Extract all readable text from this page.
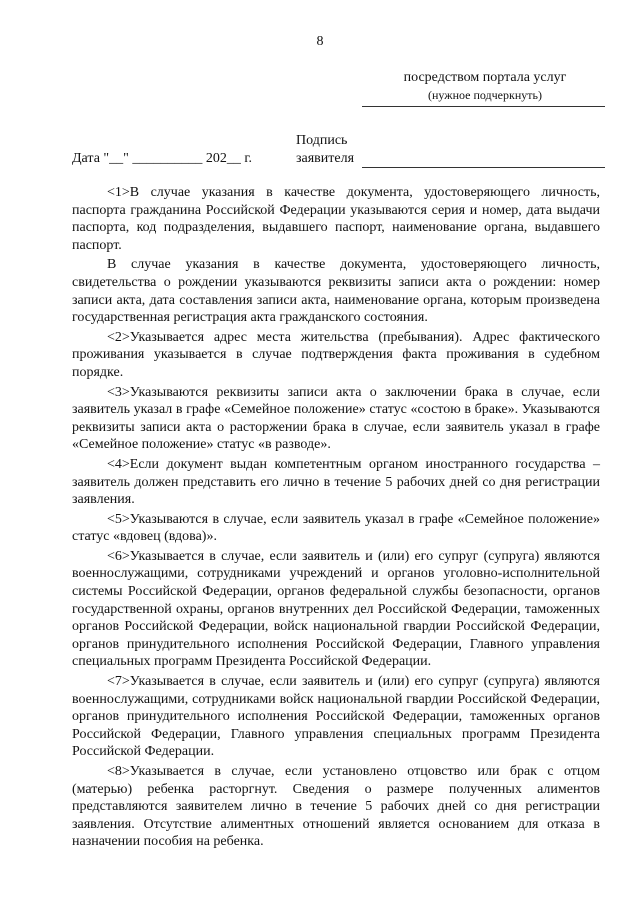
8
посредством портала услуг
(нужное подчеркнуть)
Подпись
заявителя
Дата "__" __________ 202__ г.

<1>В случае указания в качестве документа, удостоверяющего личность, паспорта гражданина Российской Федерации указываются серия и номер, дата выдачи паспорта, код подразделения, выдавшего паспорт, наименование органа, выдавшего паспорт.

В случае указания в качестве документа, удостоверяющего личность, свидетельства о рождении указываются реквизиты записи акта о рождении: номер записи акта, дата составления записи акта, наименование органа, которым произведена государственная регистрация акта гражданского состояния.

<2>Указывается адрес места жительства (пребывания). Адрес фактического проживания указывается в случае подтверждения факта проживания в судебном порядке.

<3>Указываются реквизиты записи акта о заключении брака в случае, если заявитель указал в графе «Семейное положение» статус «состою в браке». Указываются реквизиты записи акта о расторжении брака в случае, если заявитель указал в графе «Семейное положение» статус «в разводе».

<4>Если документ выдан компетентным органом иностранного государства – заявитель должен представить его лично в течение 5 рабочих дней со дня регистрации заявления.

<5>Указываются в случае, если заявитель указал в графе «Семейное положение» статус «вдовец (вдова)».

<6>Указывается в случае, если заявитель и (или) его супруг (супруга) являются военнослужащими, сотрудниками учреждений и органов уголовно-исполнительной системы Российской Федерации, органов федеральной службы безопасности, органов государственной охраны, органов внутренних дел Российской Федерации, таможенных органов Российской Федерации, войск национальной гвардии Российской Федерации, органов принудительного исполнения Российской Федерации, Главного управления специальных программ Президента Российской Федерации.

<7>Указывается в случае, если заявитель и (или) его супруг (супруга) являются военнослужащими, сотрудниками войск национальной гвардии Российской Федерации, органов принудительного исполнения Российской Федерации, таможенных органов Российской Федерации, Главного управления специальных программ Президента Российской Федерации.

<8>Указывается в случае, если установлено отцовство или брак с отцом (матерью) ребенка расторгнут. Сведения о размере полученных алиментов представляются заявителем лично в течение 5 рабочих дней со дня регистрации заявления. Отсутствие алиментных отношений является основанием для отказа в назначении пособия на ребенка.
